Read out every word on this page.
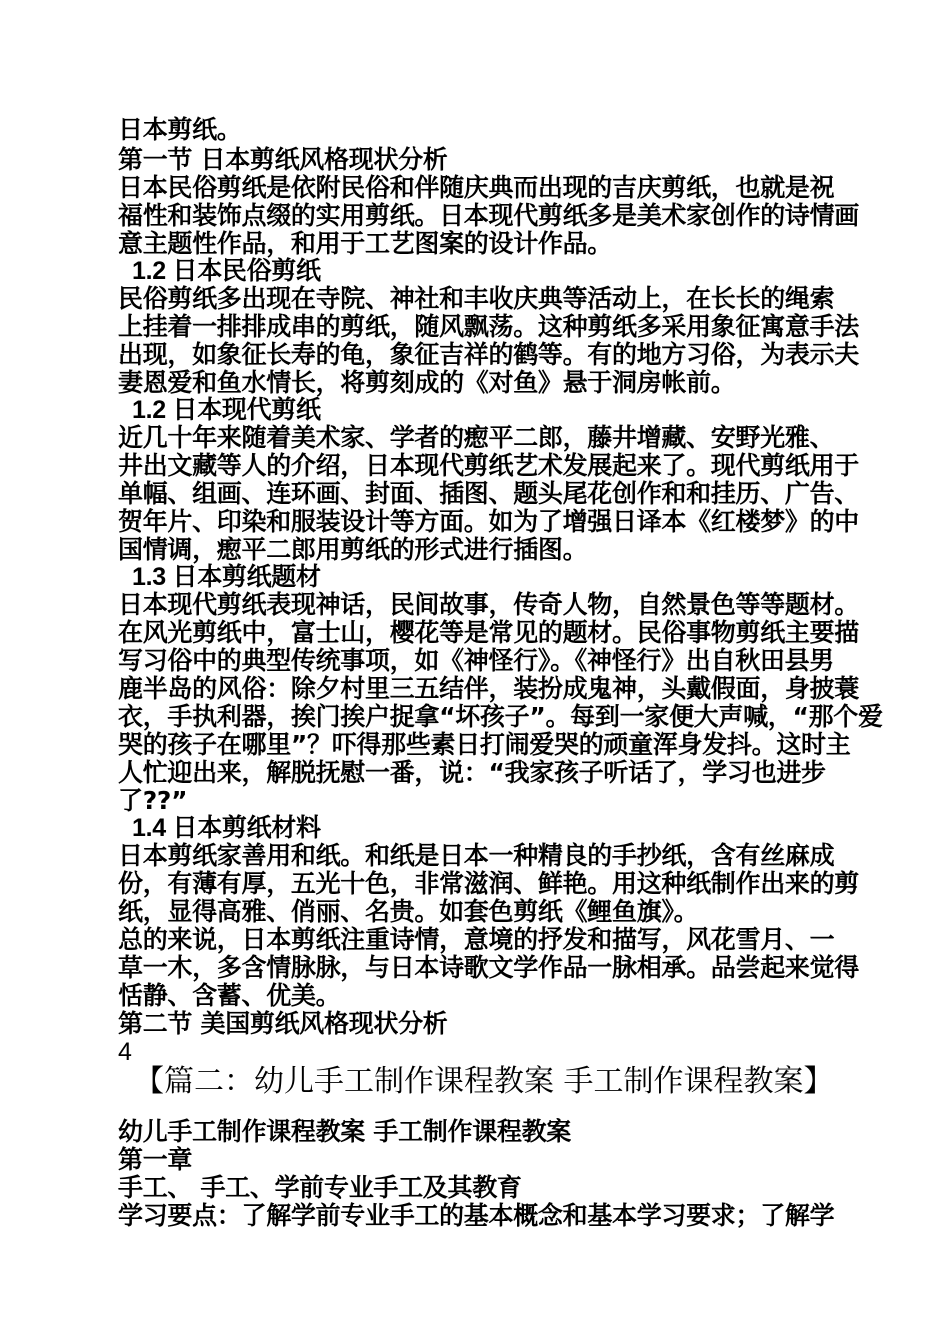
日本剪纸。
第一节 日本剪纸风格现状分析
日本民俗剪纸是依附民俗和伴随庆典而出现的吉庆剪纸，也就是祝
福性和装饰点缀的实用剪纸。日本现代剪纸多是美术家创作的诗情画
意主题性作品，和用于工艺图案的设计作品。
1.2 日本民俗剪纸
民俗剪纸多出现在寺院、神社和丰收庆典等活动上，在长长的绳索
上挂着一排排成串的剪纸，随风飘荡。这种剪纸多采用象征寓意手法
出现，如象征长寿的龟，象征吉祥的鹤等。有的地方习俗，为表示夫
妻恩爱和鱼水情长，将剪刻成的《对鱼》悬于洞房帐前。
1.2 日本现代剪纸
近几十年来随着美术家、学者的瘛平二郎，藤井增藏、安野光雅、
井出文藏等人的介绍，日本现代剪纸艺术发展起来了。现代剪纸用于
单幅、组画、连环画、封面、插图、题头尾花创作和和挂历、广告、
贺年片、印染和服装设计等方面。如为了增强日译本《红楼梦》的中
国情调，瘛平二郎用剪纸的形式进行插图。
1.3 日本剪纸题材
日本现代剪纸表现神话，民间故事，传奇人物，自然景色等等题材。
在风光剪纸中，富士山，樱花等是常见的题材。民俗事物剪纸主要描
写习俗中的典型传统事项，如《神怪行》。《神怪行》出自秋田县男
鹿半岛的风俗：除夕村里三五结伴，装扮成鬼神，头戴假面，身披蓑
衣，手执利器，挨门挨户捉拿“坏孩子”。每到一家便大声喊，“那个爱
哭的孩子在哪里”？吓得那些素日打闹爱哭的顽童浑身发抖。这时主
人忙迎出来，解脱抚慰一番，说：“我家孩子听话了，学习也进步
了??”
1.4 日本剪纸材料
日本剪纸家善用和纸。和纸是日本一种精良的手抄纸，含有丝麻成
份，有薄有厚，五光十色，非常滋润、鲜艳。用这种纸制作出来的剪
纸，显得高雅、俏丽、名贵。如套色剪纸《鲤鱼旗》。
总的来说，日本剪纸注重诗情，意境的抒发和描写，风花雪月、一
草一木，多含情脉脉，与日本诗歌文学作品一脉相承。品尝起来觉得
恬静、含蓄、优美。
第二节 美国剪纸风格现状分析
4
【篇二：幼儿手工制作课程教案 手工制作课程教案】
幼儿手工制作课程教案 手工制作课程教案
第一章
手工、 手工、学前专业手工及其教育
学习要点：了解学前专业手工的基本概念和基本学习要求；了解学
